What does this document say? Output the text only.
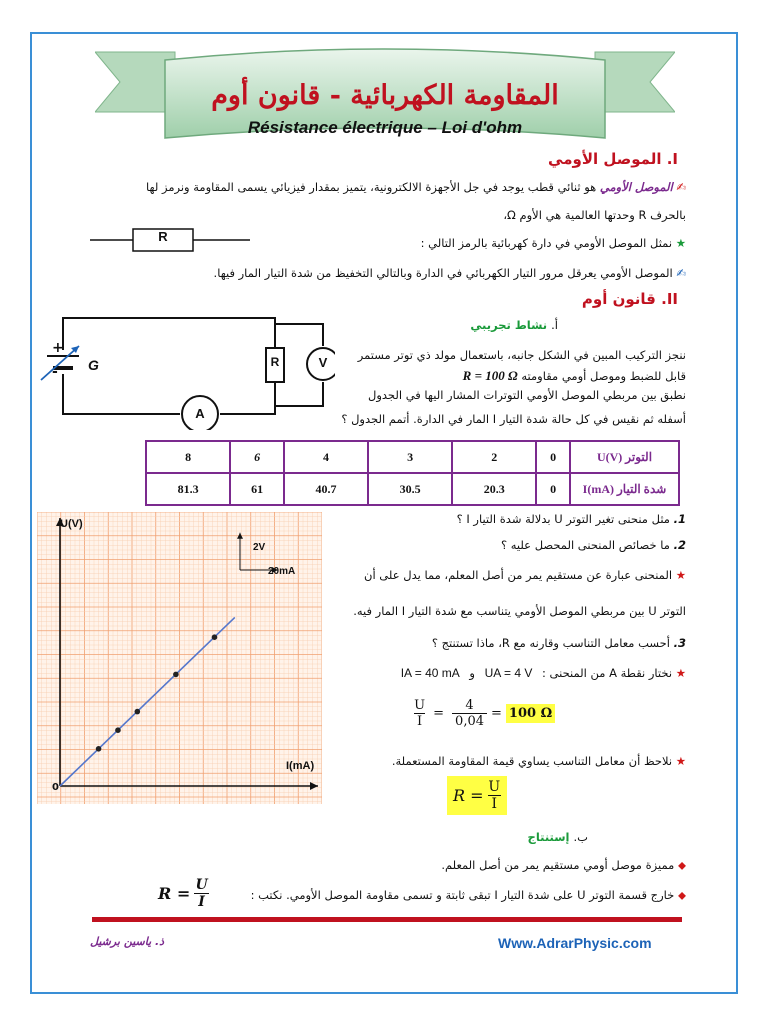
المقاومة الكهربائية - قانون أوم
Résistance électrique – Loi d'ohm
I. الموصل الأومي
✍ الموصل الأومي هو ثنائي قطب يوجد في جل الأجهزة الالكترونية، يتميز بمقدار فيزيائي يسمى المقاومة ونرمز لها
بالحرف R وحدتها العالمية هي الأوم Ω،
R	★ نمثل الموصل الأومي في دارة كهربائية بالرمز التالي :
✍ الموصل الأومي يعرقل مرور التيار الكهربائي في الدارة وبالتالي التخفيظ من شدة التيار المار فيها.
II. قانون أوم
أ. نشاط تجريبي
+
- G	R	V
A
ننجز التركيب المبين في الشكل جانبه، باستعمال مولد ذي توتر مستمر
قابل للضبط وموصل أومي مقاومته R = 100 Ω
نطبق بين مربطي الموصل الأومي التوترات المشار اليها في الجدول
أسفله ثم نقيس في كل حالة شدة التيار I المار في الدارة. أتمم الجدول ؟
التوتر U(V)	0	2	3	4	6	8
شدة التيار I(mA)	0	20.3	30.5	40.7	61	81.3
U(V)
I(mA)
0
2V
20mA
1. مثل منحنى تغير التوتر U بدلالة شدة التيار I ؟
2. ما خصائص المنحنى المحصل عليه ؟
★ المنحنى عبارة عن مستقيم يمر من أصل المعلم، مما يدل على أن
التوتر U بين مربطي الموصل الأومي يتناسب مع شدة التيار I المار فيه.
3. أحسب معامل التناسب وقارنه مع R، ماذا تستنتج ؟
★ نختار نقطة A من المنحنى : UA = 4 V و IA = 40 mA
$\frac{U}{I} = \frac{4}{0,04} = 100$ Ω
★ نلاحظ أن معامل التناسب يساوي قيمة المقاومة المستعملة.
$R = \frac{U}{I}$
ب. إستنتاج
⬥ مميزة موصل أومي مستقيم يمر من أصل المعلم.
⬥ خارج قسمة التوتر U على شدة التيار I تبقى ثابتة و تسمى مقاومة الموصل الأومي. نكتب :
$R = \frac{U}{I}$
Www.AdrarPhysic.com
ذ. ياسين برشيل
